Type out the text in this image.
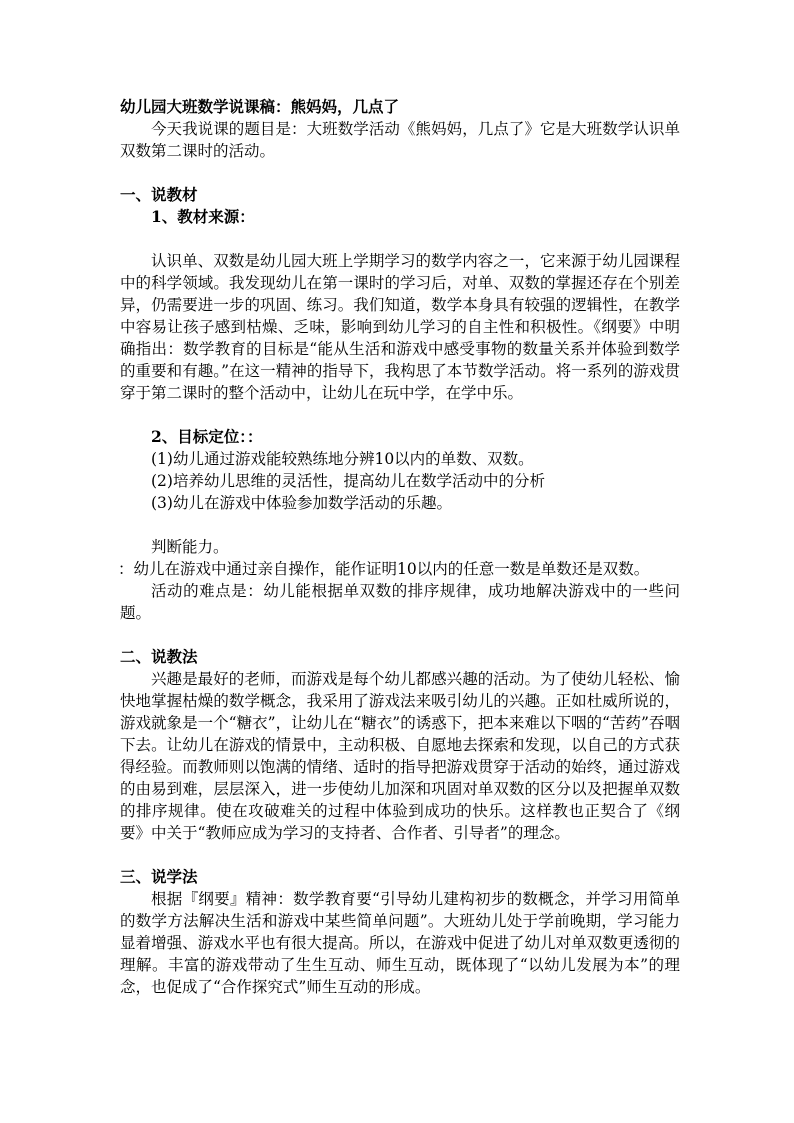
幼儿园大班数学说课稿：熊妈妈，几点了

今天我说课的题目是：大班数学活动《熊妈妈，几点了》它是大班数学认识单双数第二课时的活动。

一、说教材

1、教材来源：

认识单、双数是幼儿园大班上学期学习的数学内容之一，它来源于幼儿园课程中的科学领域。我发现幼儿在第一课时的学习后，对单、双数的掌握还存在个别差异，仍需要进一步的巩固、练习。我们知道，数学本身具有较强的逻辑性，在教学中容易让孩子感到枯燥、乏味，影响到幼儿学习的自主性和积极性。《纲要》中明确指出：数学教育的目标是“能从生活和游戏中感受事物的数量关系并体验到数学的重要和有趣。”在这一精神的指导下，我构思了本节数学活动。将一系列的游戏贯穿于第二课时的整个活动中，让幼儿在玩中学，在学中乐。

2、目标定位：：

(1)幼儿通过游戏能较熟练地分辨10以内的单数、双数。

(2)培养幼儿思维的灵活性，提高幼儿在数学活动中的分析

(3)幼儿在游戏中体验参加数学活动的乐趣。

判断能力。

：幼儿在游戏中通过亲自操作，能作证明10以内的任意一数是单数还是双数。

活动的难点是：幼儿能根据单双数的排序规律，成功地解决游戏中的一些问题。

二、说教法

兴趣是最好的老师，而游戏是每个幼儿都感兴趣的活动。为了使幼儿轻松、愉快地掌握枯燥的数学概念，我采用了游戏法来吸引幼儿的兴趣。正如杜威所说的，游戏就象是一个“糖衣”，让幼儿在“糖衣”的诱惑下，把本来难以下咽的“苦药”吞咽下去。让幼儿在游戏的情景中，主动积极、自愿地去探索和发现，以自己的方式获得经验。而教师则以饱满的情绪、适时的指导把游戏贯穿于活动的始终，通过游戏的由易到难，层层深入，进一步使幼儿加深和巩固对单双数的区分以及把握单双数的排序规律。使在攻破难关的过程中体验到成功的快乐。这样教也正契合了《纲要》中关于“教师应成为学习的支持者、合作者、引导者”的理念。

三、说学法

根据『纲要』精神：数学教育要“引导幼儿建构初步的数概念，并学习用简单的数学方法解决生活和游戏中某些简单问题”。大班幼儿处于学前晚期，学习能力显着增强、游戏水平也有很大提高。所以，在游戏中促进了幼儿对单双数更透彻的理解。丰富的游戏带动了生生互动、师生互动，既体现了“以幼儿发展为本”的理念，也促成了“合作探究式”师生互动的形成。
